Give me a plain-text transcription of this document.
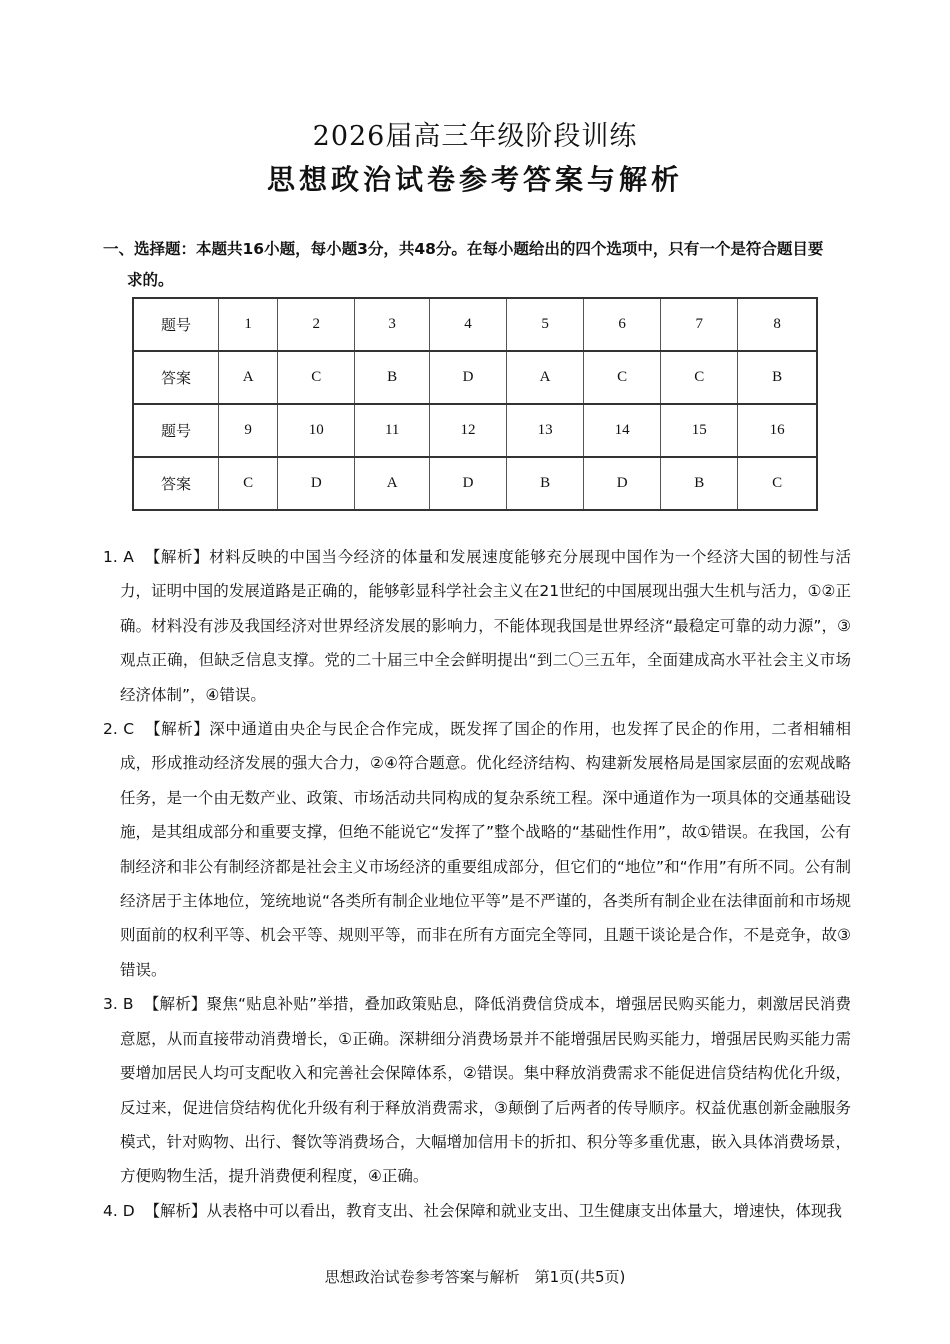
2026届高三年级阶段训练
思想政治试卷参考答案与解析
一、选择题：本题共16小题，每小题3分，共48分。在每小题给出的四个选项中，只有一个是符合题目要
求的。
题号	1	2	3	4	5	6	7	8
答案	A	C	B	D	A	C	C	B
题号	9	10	11	12	13	14	15	16
答案	C	D	A	D	B	D	B	C

1. A 【解析】材料反映的中国当今经济的体量和发展速度能够充分展现中国作为一个经济大国的韧性与活力，证明中国的发展道路是正确的，能够彰显科学社会主义在21世纪的中国展现出强大生机与活力，①②正确。材料没有涉及我国经济对世界经济发展的影响力，不能体现我国是世界经济“最稳定可靠的动力源”，③观点正确，但缺乏信息支撑。党的二十届三中全会鲜明提出“到二〇三五年，全面建成高水平社会主义市场经济体制”，④错误。

2. C 【解析】深中通道由央企与民企合作完成，既发挥了国企的作用，也发挥了民企的作用，二者相辅相成，形成推动经济发展的强大合力，②④符合题意。优化经济结构、构建新发展格局是国家层面的宏观战略任务，是一个由无数产业、政策、市场活动共同构成的复杂系统工程。深中通道作为一项具体的交通基础设施，是其组成部分和重要支撑，但绝不能说它“发挥了”整个战略的“基础性作用”，故①错误。在我国，公有制经济和非公有制经济都是社会主义市场经济的重要组成部分，但它们的“地位”和“作用”有所不同。公有制经济居于主体地位，笼统地说“各类所有制企业地位平等”是不严谨的，各类所有制企业在法律面前和市场规则面前的权利平等、机会平等、规则平等，而非在所有方面完全等同，且题干谈论是合作，不是竞争，故③错误。

3. B 【解析】聚焦“贴息补贴”举措，叠加政策贴息，降低消费信贷成本，增强居民购买能力，刺激居民消费意愿，从而直接带动消费增长，①正确。深耕细分消费场景并不能增强居民购买能力，增强居民购买能力需要增加居民人均可支配收入和完善社会保障体系，②错误。集中释放消费需求不能促进信贷结构优化升级，反过来，促进信贷结构优化升级有利于释放消费需求，③颠倒了后两者的传导顺序。权益优惠创新金融服务模式，针对购物、出行、餐饮等消费场合，大幅增加信用卡的折扣、积分等多重优惠，嵌入具体消费场景，方便购物生活，提升消费便利程度，④正确。

4. D 【解析】从表格中可以看出，教育支出、社会保障和就业支出、卫生健康支出体量大，增速快，体现我

思想政治试卷参考答案与解析　第1页(共5页)
